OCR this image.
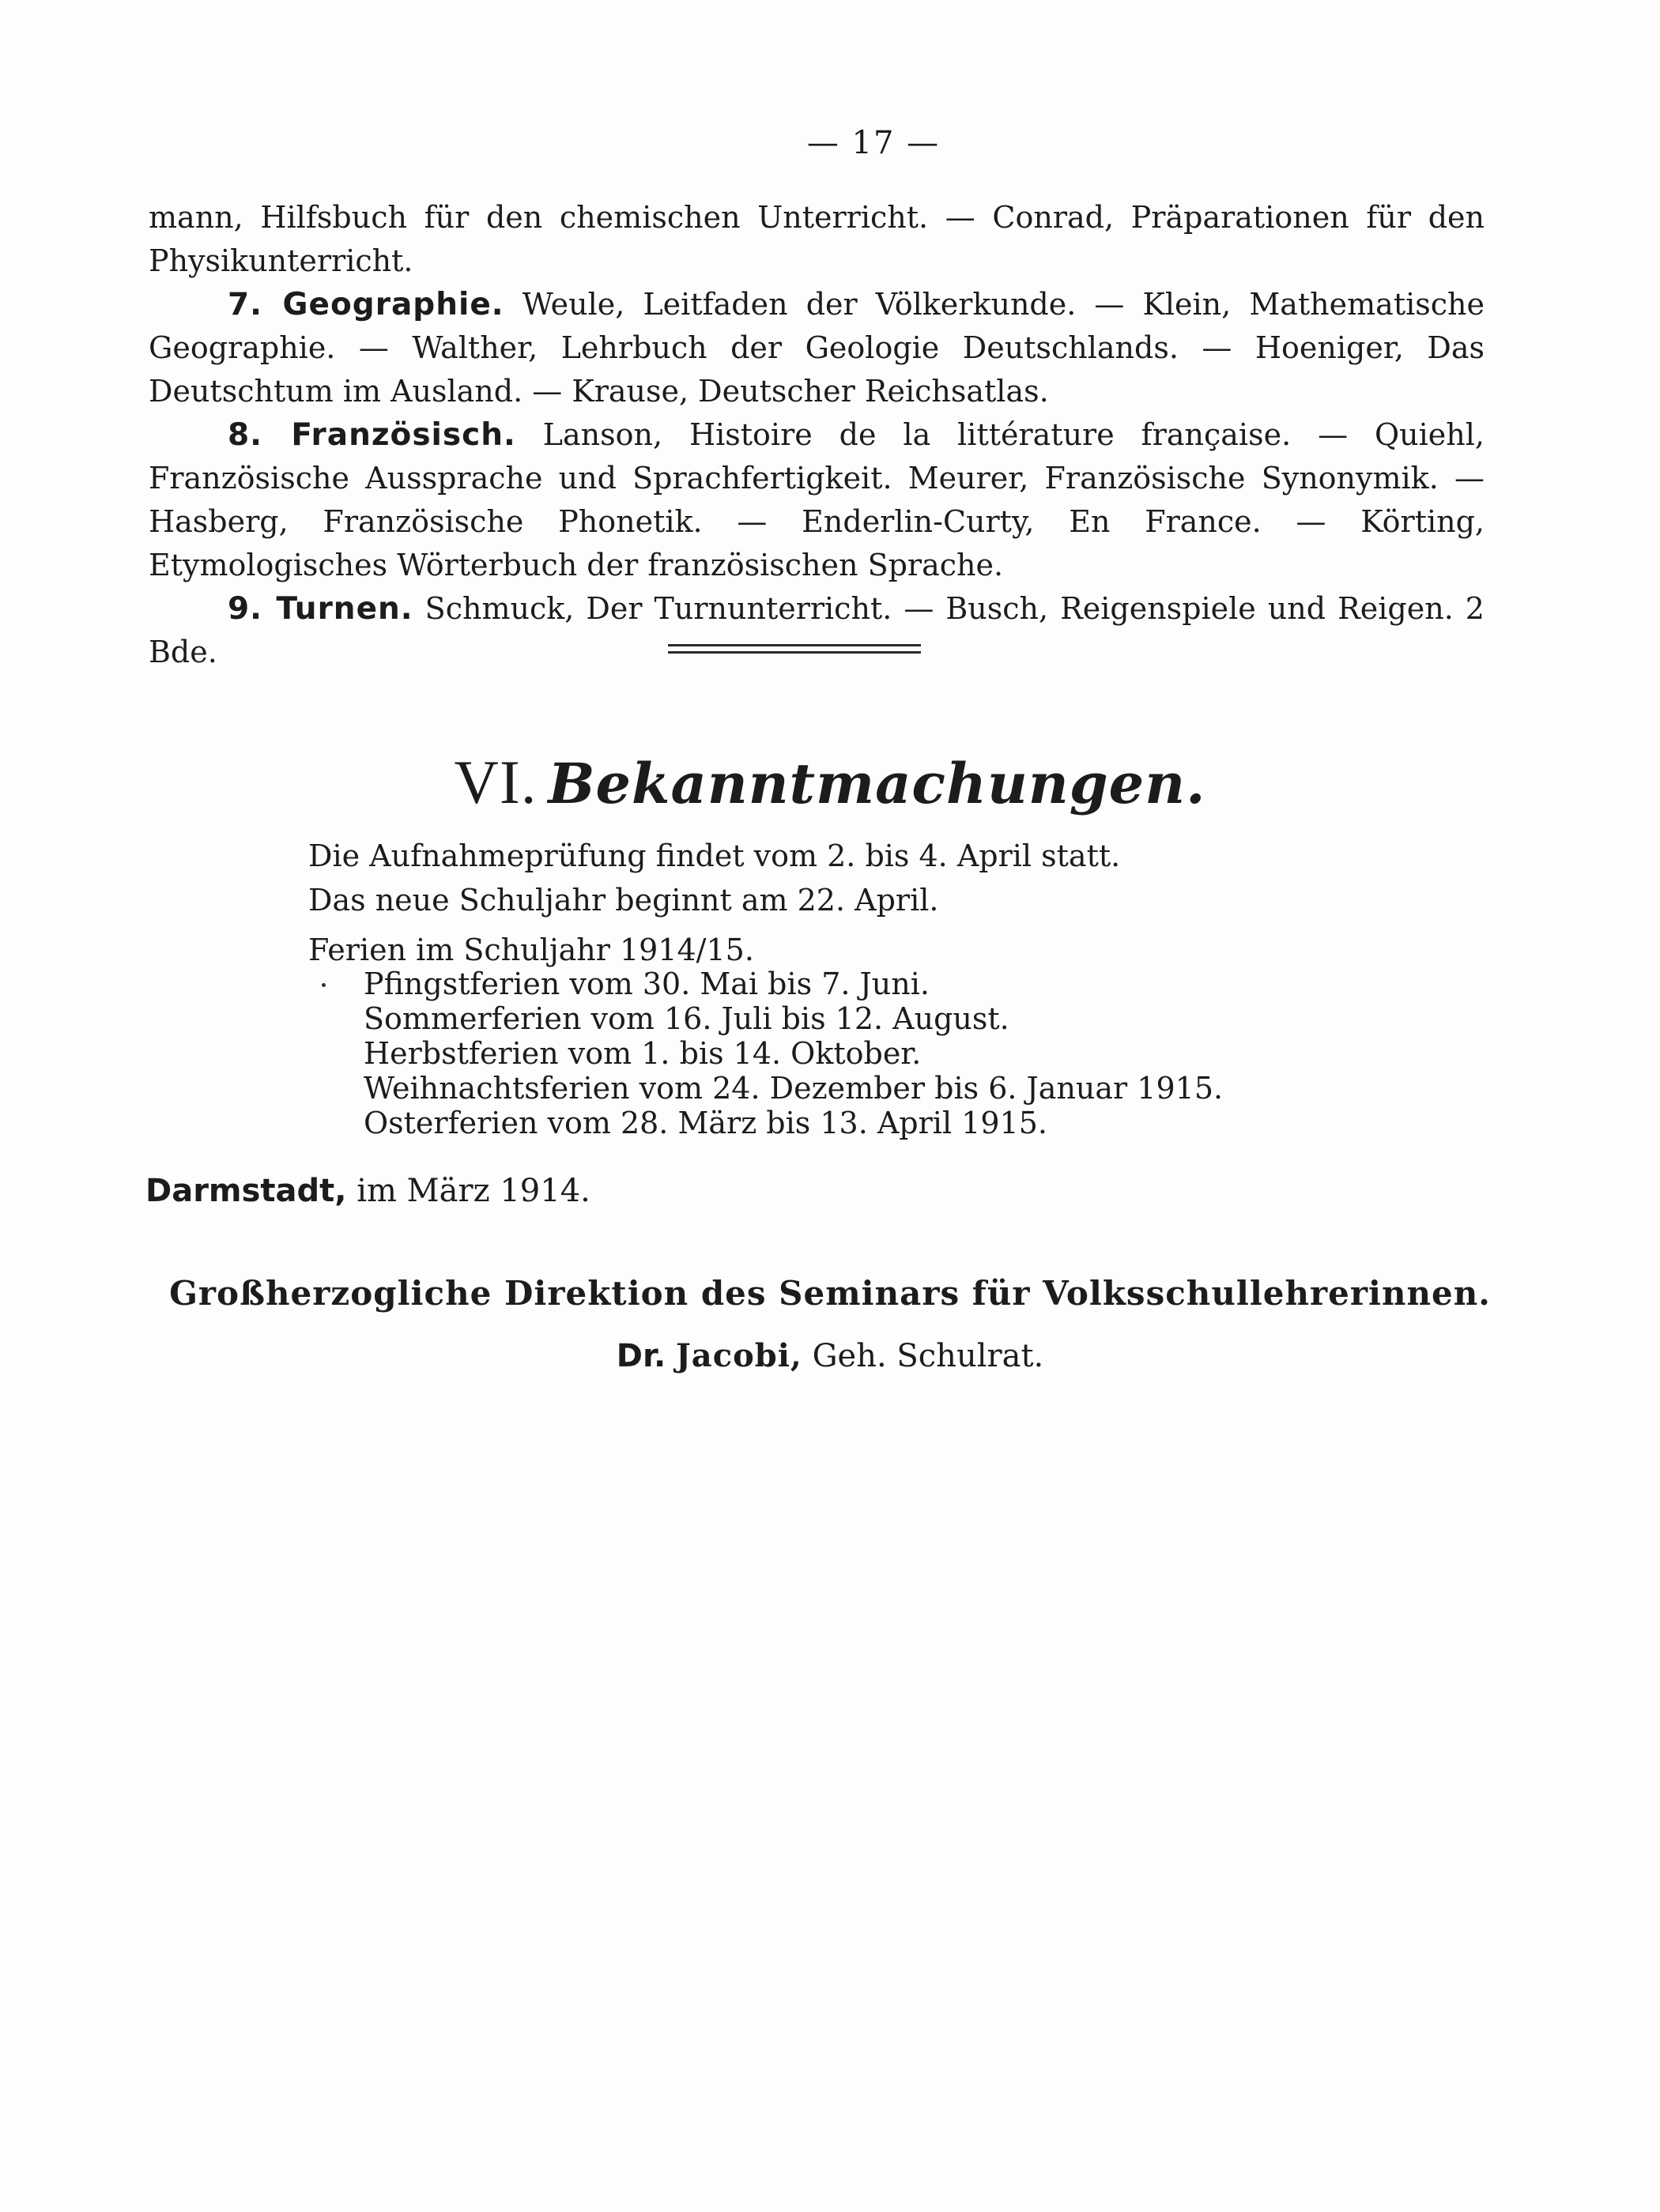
— 17 —

mann, Hilfsbuch für den chemischen Unterricht. — Conrad, Präparationen für den Physikunterricht.

7. Geographie. Weule, Leitfaden der Völkerkunde. — Klein, Mathematische Geographie. — Walther, Lehrbuch der Geologie Deutschlands. — Hoeniger, Das Deutschtum im Ausland. — Krause, Deutscher Reichsatlas.

8. Französisch. Lanson, Histoire de la littérature française. — Quiehl, Französische Aussprache und Sprachfertigkeit. Meurer, Französische Synonymik. — Hasberg, Französische Phonetik. — Enderlin-Curty, En France. — Körting, Etymologisches Wörterbuch der französischen Sprache.

9. Turnen. Schmuck, Der Turnunterricht. — Busch, Reigenspiele und Reigen. 2 Bde.

VI. Bekanntmachungen.
Die Aufnahmeprüfung findet vom 2. bis 4. April statt.
Das neue Schuljahr beginnt am 22. April.
Ferien im Schuljahr 1914/15.
Pfingstferien vom 30. Mai bis 7. Juni.
Sommerferien vom 16. Juli bis 12. August.
Herbstferien vom 1. bis 14. Oktober.
Weihnachtsferien vom 24. Dezember bis 6. Januar 1915.
Osterferien vom 28. März bis 13. April 1915.
Darmstadt, im März 1914.
Großherzogliche Direktion des Seminars für Volksschullehrerinnen.
Dr. Jacobi, Geh. Schulrat.
